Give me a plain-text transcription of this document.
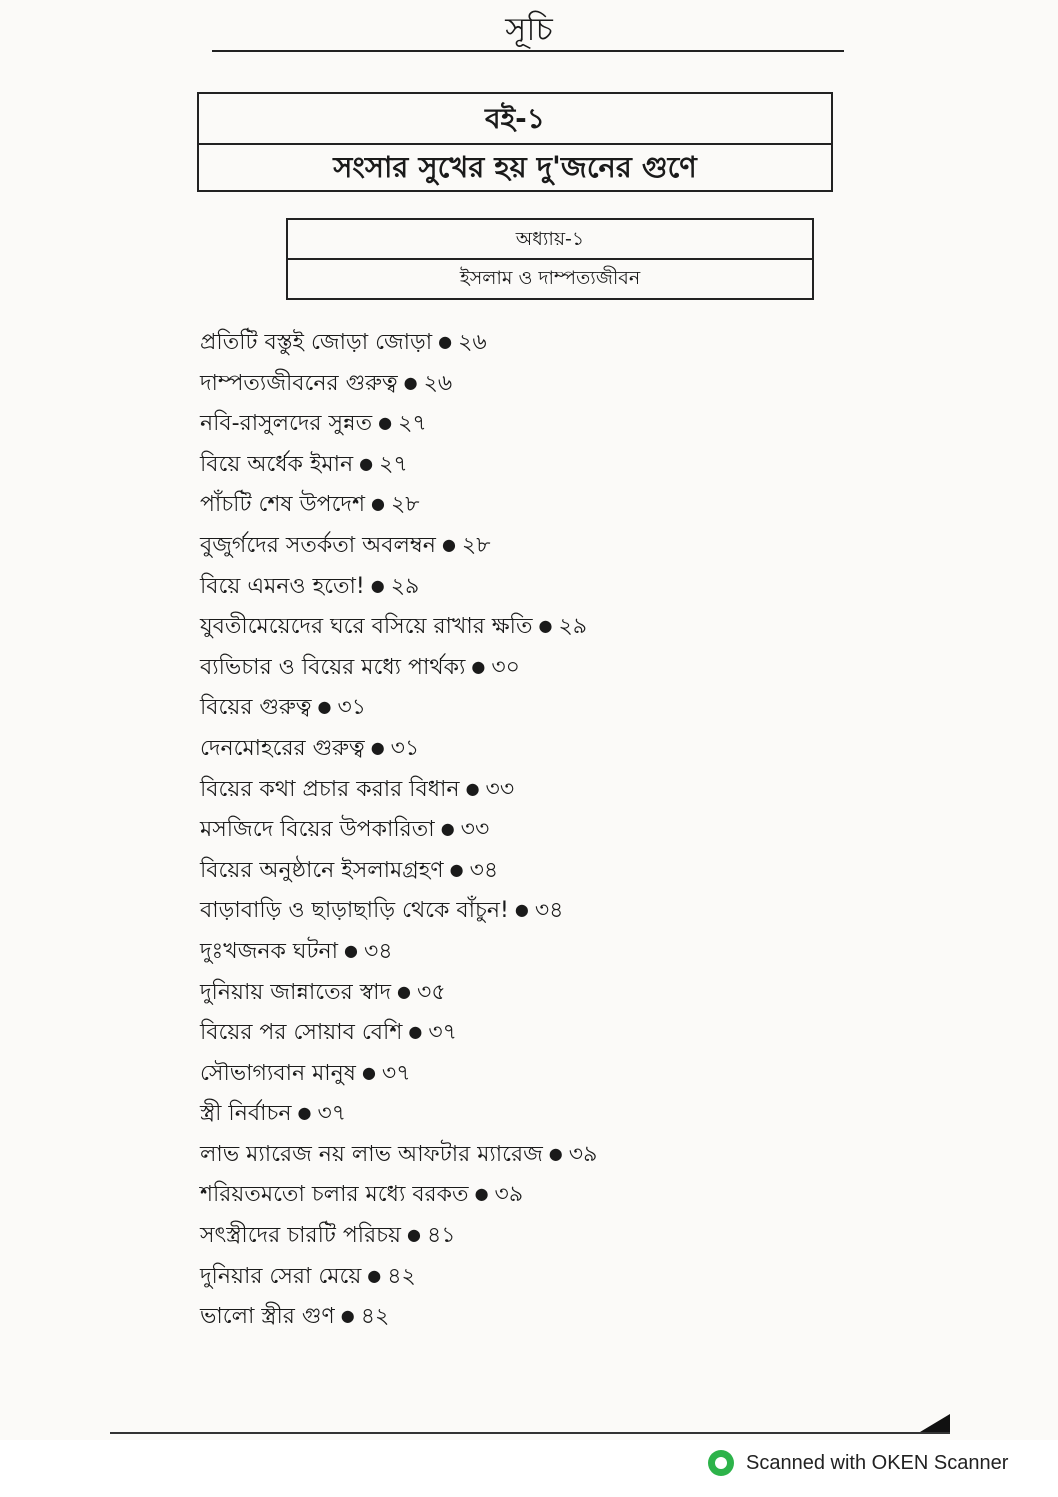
সূচি
বই-১
সংসার সুখের হয় দু'জনের গুণে
অধ্যায়-১
ইসলাম ও দাম্পত্যজীবন
প্রতিটি বস্তুই জোড়া জোড়া ● ২৬
দাম্পত্যজীবনের গুরুত্ব ● ২৬
নবি-রাসুলদের সুন্নত ● ২৭
বিয়ে অর্ধেক ইমান ● ২৭
পাঁচটি শেষ উপদেশ ● ২৮
বুজুর্গদের সতর্কতা অবলম্বন ● ২৮
বিয়ে এমনও হতো! ● ২৯
যুবতীমেয়েদের ঘরে বসিয়ে রাখার ক্ষতি ● ২৯
ব্যভিচার ও বিয়ের মধ্যে পার্থক্য ● ৩০
বিয়ের গুরুত্ব ● ৩১
দেনমোহরের গুরুত্ব ● ৩১
বিয়ের কথা প্রচার করার বিধান ● ৩৩
মসজিদে বিয়ের উপকারিতা ● ৩৩
বিয়ের অনুষ্ঠানে ইসলামগ্রহণ ● ৩৪
বাড়াবাড়ি ও ছাড়াছাড়ি থেকে বাঁচুন! ● ৩৪
দুঃখজনক ঘটনা ● ৩৪
দুনিয়ায় জান্নাতের স্বাদ ● ৩৫
বিয়ের পর সোয়াব বেশি ● ৩৭
সৌভাগ্যবান মানুষ ● ৩৭
স্ত্রী নির্বাচন ● ৩৭
লাভ ম্যারেজ নয় লাভ আফটার ম্যারেজ ● ৩৯
শরিয়তমতো চলার মধ্যে বরকত ● ৩৯
সৎস্ত্রীদের চারটি পরিচয় ● ৪১
দুনিয়ার সেরা মেয়ে ● ৪২
ভালো স্ত্রীর গুণ ● ৪২
Scanned with OKEN Scanner
